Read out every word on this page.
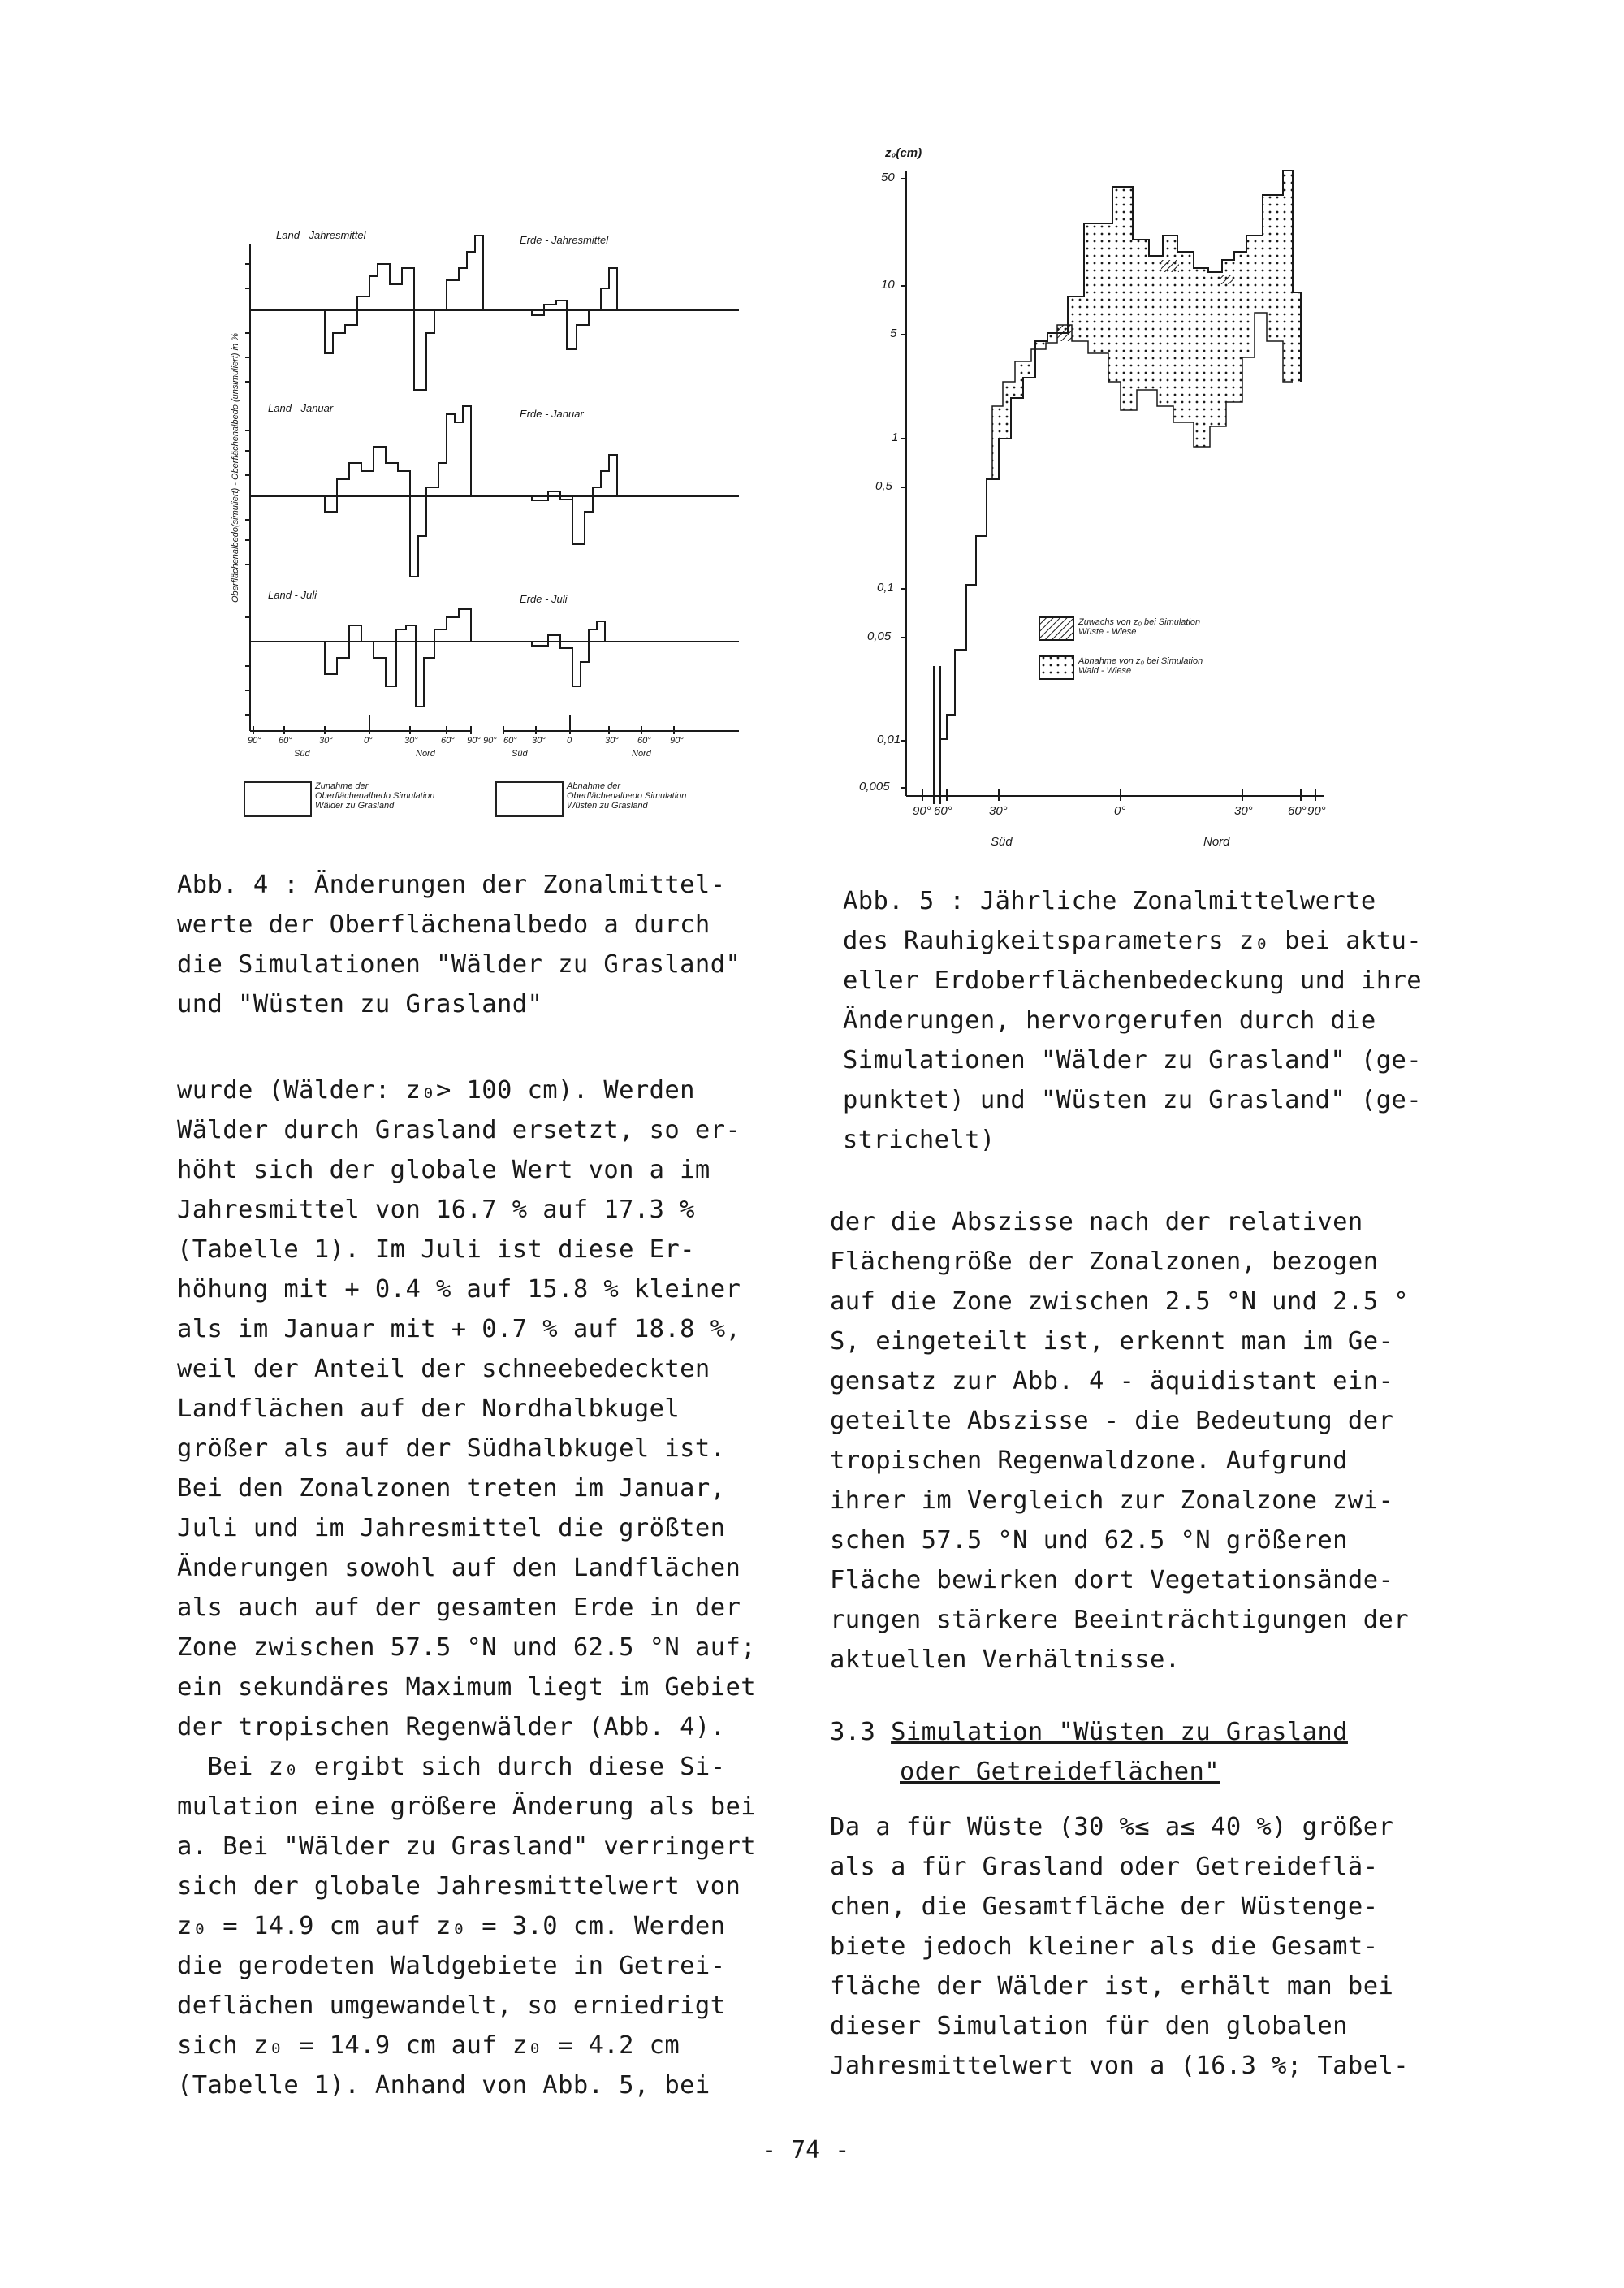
Land - Jahresmittel	Erde - Jahresmittel
Land - Januar	Erde - Januar
Land - Juli	Erde - Juli
Oberflächenalbedo(simuliert) - Oberflächenalbedo (unsimuliert) in %
90° 60°	30°	0°	30°	60° 90°
Süd	Nord
90° 60° 30° 0	30° 60° 90°
Süd	Nord
Zunahme der Oberflächenalbedo Simulation Wälder zu Grasland
Abnahme der Oberflächenalbedo Simulation Wüsten zu Grasland
Abb. 4 : Änderungen der Zonalmittel-
werte der Oberflächenalbedo a durch
die Simulationen "Wälder zu Grasland"
und "Wüsten zu Grasland"
z₀(cm)
50
10
5
1
0,5
0,1
0,05
0,01
0,005
90° 60°	30°	0°	30°	60° 90°
Süd	Nord
Zuwachs von z₀ bei Simulation Wüste - Wiese
Abnahme von z₀ bei Simulation Wald - Wiese
Abb. 5 : Jährliche Zonalmittelwerte
des Rauhigkeitsparameters z₀ bei aktu-
eller Erdoberflächenbedeckung und ihre
Änderungen, hervorgerufen durch die
Simulationen "Wälder zu Grasland" (ge-
punktet) und "Wüsten zu Grasland" (ge-
strichelt)
wurde (Wälder: z₀> 100 cm). Werden
Wälder durch Grasland ersetzt, so er-
höht sich der globale Wert von a im
Jahresmittel von 16.7 % auf 17.3 %
(Tabelle 1). Im Juli ist diese Er-
höhung mit + 0.4 % auf 15.8 % kleiner
als im Januar mit + 0.7 % auf 18.8 %,
weil der Anteil der schneebedeckten
Landflächen auf der Nordhalbkugel
größer als auf der Südhalbkugel ist.
Bei den Zonalzonen treten im Januar,
Juli und im Jahresmittel die größten
Änderungen sowohl auf den Landflächen
als auch auf der gesamten Erde in der
Zone zwischen 57.5 °N und 62.5 °N auf;
ein sekundäres Maximum liegt im Gebiet
der tropischen Regenwälder (Abb. 4).
Bei z₀ ergibt sich durch diese Si-
mulation eine größere Änderung als bei
a. Bei "Wälder zu Grasland" verringert
sich der globale Jahresmittelwert von
z₀ = 14.9 cm auf z₀ = 3.0 cm. Werden
die gerodeten Waldgebiete in Getrei-
deflächen umgewandelt, so erniedrigt
sich z₀ = 14.9 cm auf z₀ = 4.2 cm
(Tabelle 1). Anhand von Abb. 5, bei
der die Abszisse nach der relativen
Flächengröße der Zonalzonen, bezogen
auf die Zone zwischen 2.5 °N und 2.5 °
S, eingeteilt ist, erkennt man im Ge-
gensatz zur Abb. 4 - äquidistant ein-
geteilte Abszisse - die Bedeutung der
tropischen Regenwaldzone. Aufgrund
ihrer im Vergleich zur Zonalzone zwi-
schen 57.5 °N und 62.5 °N größeren
Fläche bewirken dort Vegetationsände-
rungen stärkere Beeinträchtigungen der
aktuellen Verhältnisse.
3.3 Simulation "Wüsten zu Grasland
oder Getreideflächen"
Da a für Wüste (30 %≤ a≤ 40 %) größer
als a für Grasland oder Getreideflä-
chen, die Gesamtfläche der Wüstenge-
biete jedoch kleiner als die Gesamt-
fläche der Wälder ist, erhält man bei
dieser Simulation für den globalen
Jahresmittelwert von a (16.3 %; Tabel-
- 74 -
